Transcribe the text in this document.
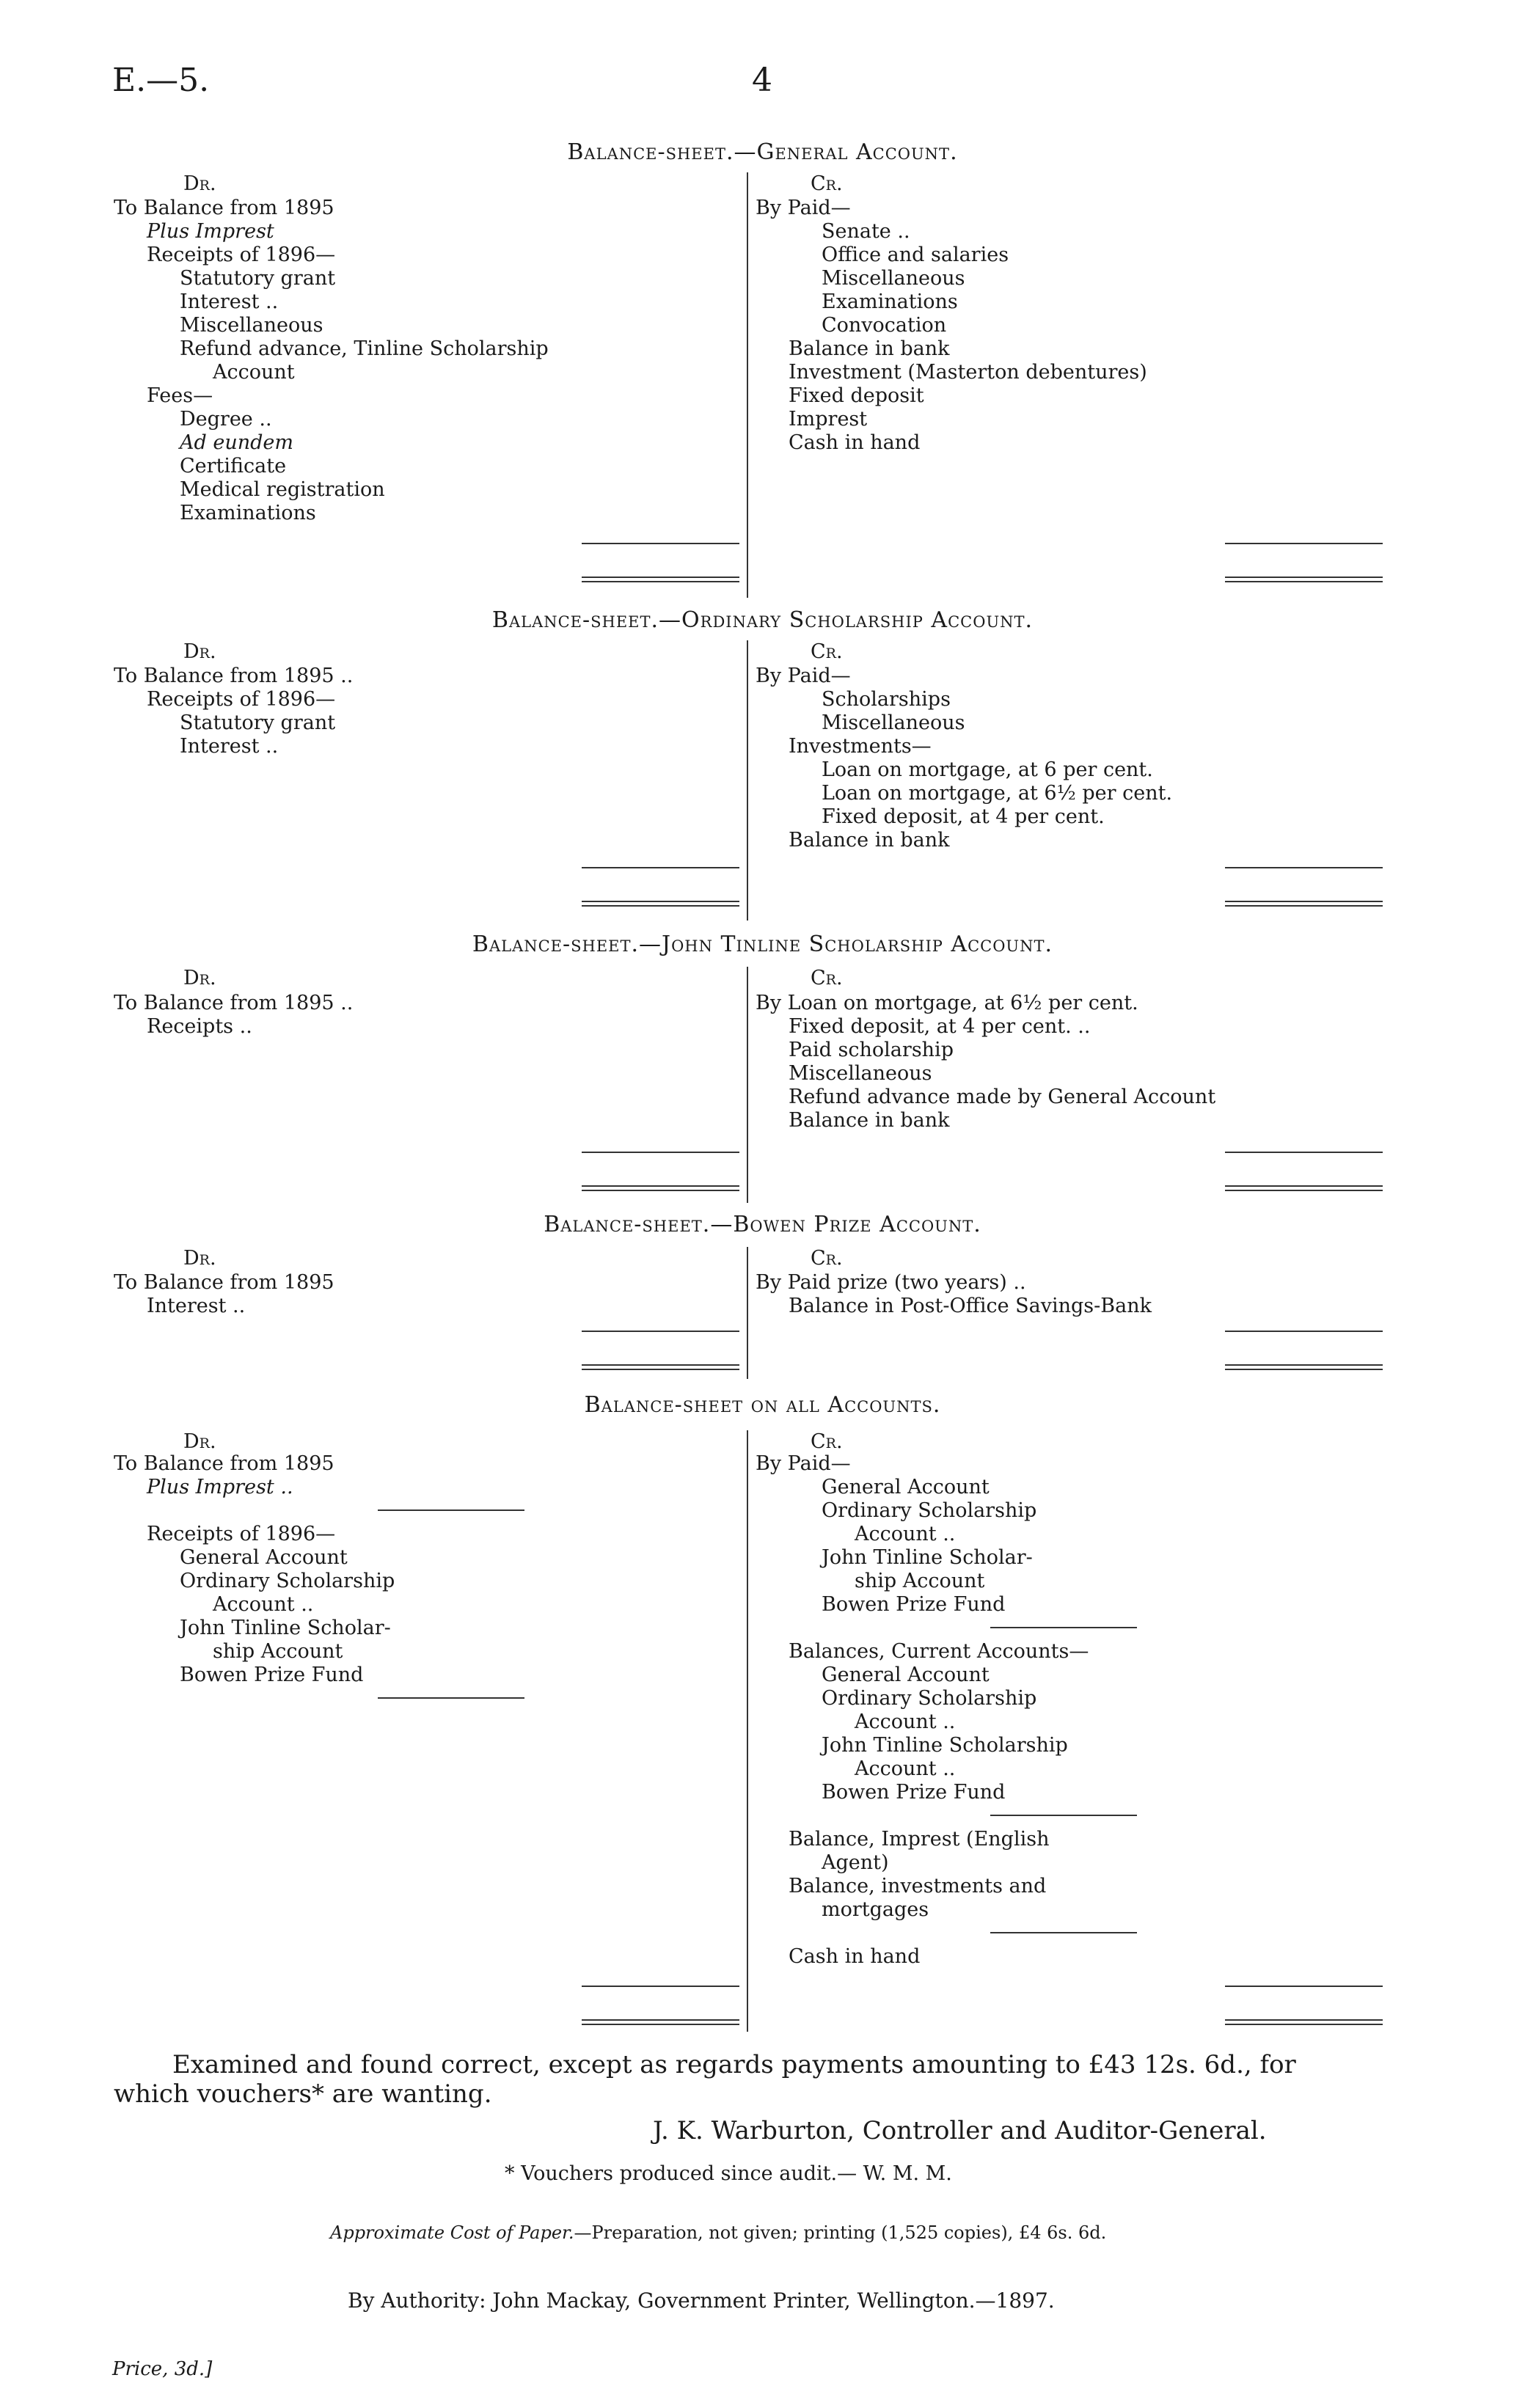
E.—5.	4
Balance-sheet.—General Account.
Dr.	Cr.
To Balance from 1895
Plus Imprest
Receipts of 1896—
Statutory grant
Interest ..
Miscellaneous
Refund advance, Tinline Scholarship
Account
Fees—
Degree ..
Ad eundem
Certificate
Medical registration
Examinations
By Paid—
Senate ..
Office and salaries
Miscellaneous
Examinations
Convocation
Balance in bank
Investment (Masterton debentures)
Fixed deposit
Imprest
Cash in hand
Balance-sheet.—Ordinary Scholarship Account.
Dr.	Cr.
To Balance from 1895 ..
Receipts of 1896—
Statutory grant
Interest ..
By Paid—
Scholarships
Miscellaneous
Investments—
Loan on mortgage, at 6 per cent.
Loan on mortgage, at 6½ per cent.
Fixed deposit, at 4 per cent.
Balance in bank
Balance-sheet.—John Tinline Scholarship Account.
Dr.	Cr.
To Balance from 1895 ..
Receipts ..
By Loan on mortgage, at 6½ per cent.
Fixed deposit, at 4 per cent. ..
Paid scholarship
Miscellaneous
Refund advance made by General Account
Balance in bank
Balance-sheet.—Bowen Prize Account.
Dr.	Cr.
To Balance from 1895
Interest ..
By Paid prize (two years) ..
Balance in Post-Office Savings-Bank
Balance-sheet on all Accounts.
Dr.	Cr.
To Balance from 1895
Plus Imprest ..
Receipts of 1896—
General Account
Ordinary Scholarship
Account ..
John Tinline Scholar-
ship Account
Bowen Prize Fund
By Paid—
General Account
Ordinary Scholarship
Account ..
John Tinline Scholar-
ship Account
Bowen Prize Fund
Balances, Current Accounts—
General Account
Ordinary Scholarship
Account ..
John Tinline Scholarship
Account ..
Bowen Prize Fund
Balance, Imprest (English
Agent)
Balance, investments and
mortgages
Cash in hand
Examined and found correct, except as regards payments amounting to £43 12s. 6d., for
which vouchers* are wanting.
J. K. Warburton, Controller and Auditor-General.
* Vouchers produced since audit.— W. M. M.
Approximate Cost of Paper.—Preparation, not given; printing (1,525 copies), £4 6s. 6d.
By Authority: John Mackay, Government Printer, Wellington.—1897.
Price, 3d.]
